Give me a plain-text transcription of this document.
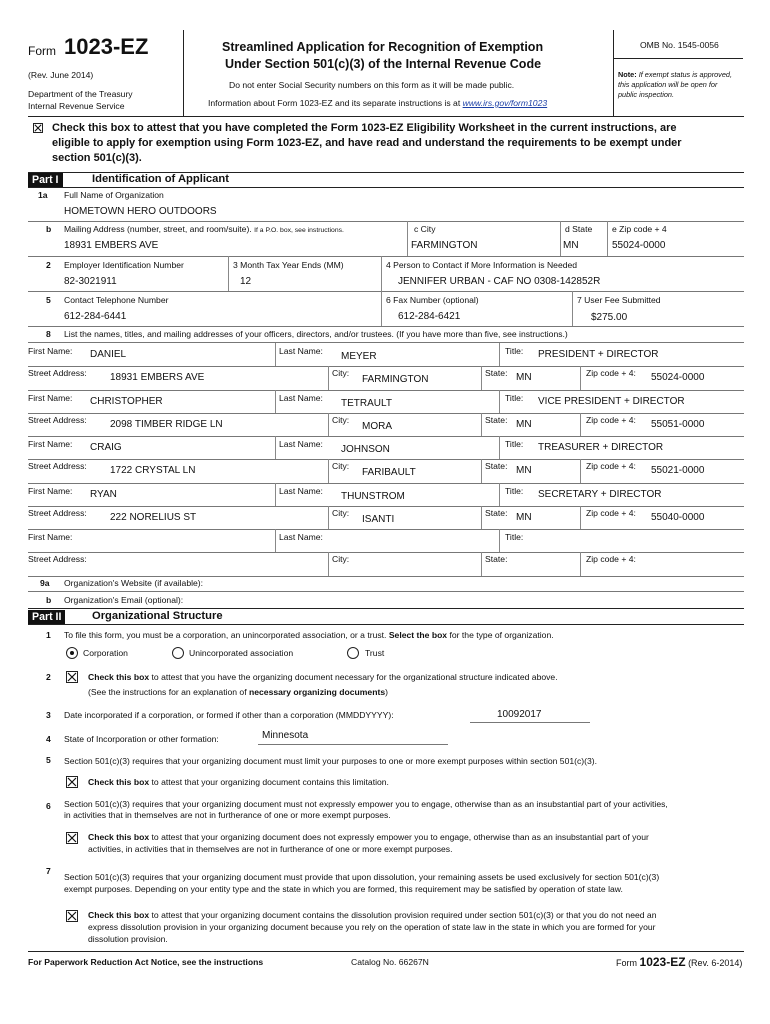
Form 1023-EZ
(Rev. June 2014)
Department of the Treasury
Internal Revenue Service
Streamlined Application for Recognition of Exemption
Under Section 501(c)(3) of the Internal Revenue Code
Do not enter Social Security numbers on this form as it will be made public.
Information about Form 1023-EZ and its separate instructions is at www.irs.gov/form1023
OMB No. 1545-0056
Note: If exempt status is approved,
this application will be open for
public inspection.
Check this box to attest that you have completed the Form 1023-EZ Eligibility Worksheet in the current instructions, are
eligible to apply for exemption using Form 1023-EZ, and have read and understand the requirements to be exempt under
section 501(c)(3).
Part I	Identification of Applicant
1a Full Name of Organization
HOMETOWN HERO OUTDOORS
b Mailing Address (number, street, and room/suite). If a P.O. box, see instructions.	c City	d State e Zip code + 4
18931 EMBERS AVE	FARMINGTON	MN	55024-0000
2 Employer Identification Number	3 Month Tax Year Ends (MM)	4 Person to Contact if More Information is Needed
82-3021911	12	JENNIFER URBAN - CAF NO 0308-142852R
5 Contact Telephone Number	6 Fax Number (optional)	7 User Fee Submitted
612-284-6441	612-284-6421	$275.00
8 List the names, titles, and mailing addresses of your officers, directors, and/or trustees. (If you have more than five, see instructions.)
First Name: DANIEL	Last Name: MEYER	Title: PRESIDENT + DIRECTOR
Street Address: 18931 EMBERS AVE	City:
FARMINGTON
State: MN	Zip code + 4: 55024-0000
First Name: CHRISTOPHER	Last Name: TETRAULT	Title: VICE PRESIDENT + DIRECTOR
Street Address: 2098 TIMBER RIDGE LN	City:
MORA
State: MN	Zip code + 4: 55051-0000
First Name: CRAIG	Last Name: JOHNSON	Title: TREASURER + DIRECTOR
Street Address: 1722 CRYSTAL LN	City:
FARIBAULT
State: MN	Zip code + 4: 55021-0000
First Name: RYAN	Last Name: THUNSTROM	Title: SECRETARY + DIRECTOR
Street Address: 222 NORELIUS ST	City:
ISANTI
State: MN	Zip code + 4: 55040-0000
First Name:	Last Name:	Title:
Street Address:	City:	State:	Zip code + 4:
9a Organization's Website (if available):
b Organization's Email (optional):
Part II	Organizational Structure
1 To file this form, you must be a corporation, an unincorporated association, or a trust. Select the box for the type of organization.
Corporation	Unincorporated association	Trust
2	Check this box to attest that you have the organizing document necessary for the organizational structure indicated above.
(See the instructions for an explanation of necessary organizing documents)
3 Date incorporated if a corporation, or formed if other than a corporation (MMDDYYYY):	10092017
4 State of Incorporation or other formation:	Minnesota
5 Section 501(c)(3) requires that your organizing document must limit your purposes to one or more exempt purposes within section 501(c)(3).
Check this box to attest that your organizing document contains this limitation.
6 Section 501(c)(3) requires that your organizing document must not expressly empower you to engage, otherwise than as an insubstantial part of your activities,
in activities that in themselves are not in furtherance of one or more exempt purposes.
Check this box to attest that your organizing document does not expressly empower you to engage, otherwise than as an insubstantial part of your
activities, in activities that in themselves are not in furtherance of one or more exempt purposes.
7
Section 501(c)(3) requires that your organizing document must provide that upon dissolution, your remaining assets be used exclusively for section 501(c)(3)
exempt purposes. Depending on your entity type and the state in which you are formed, this requirement may be satisfied by operation of state law.
Check this box to attest that your organizing document contains the dissolution provision required under section 501(c)(3) or that you do not need an
express dissolution provision in your organizing document because you rely on the operation of state law in the state in which you are formed for your
dissolution provision.
For Paperwork Reduction Act Notice, see the instructions	Catalog No. 66267N	Form 1023-EZ (Rev. 6-2014)
